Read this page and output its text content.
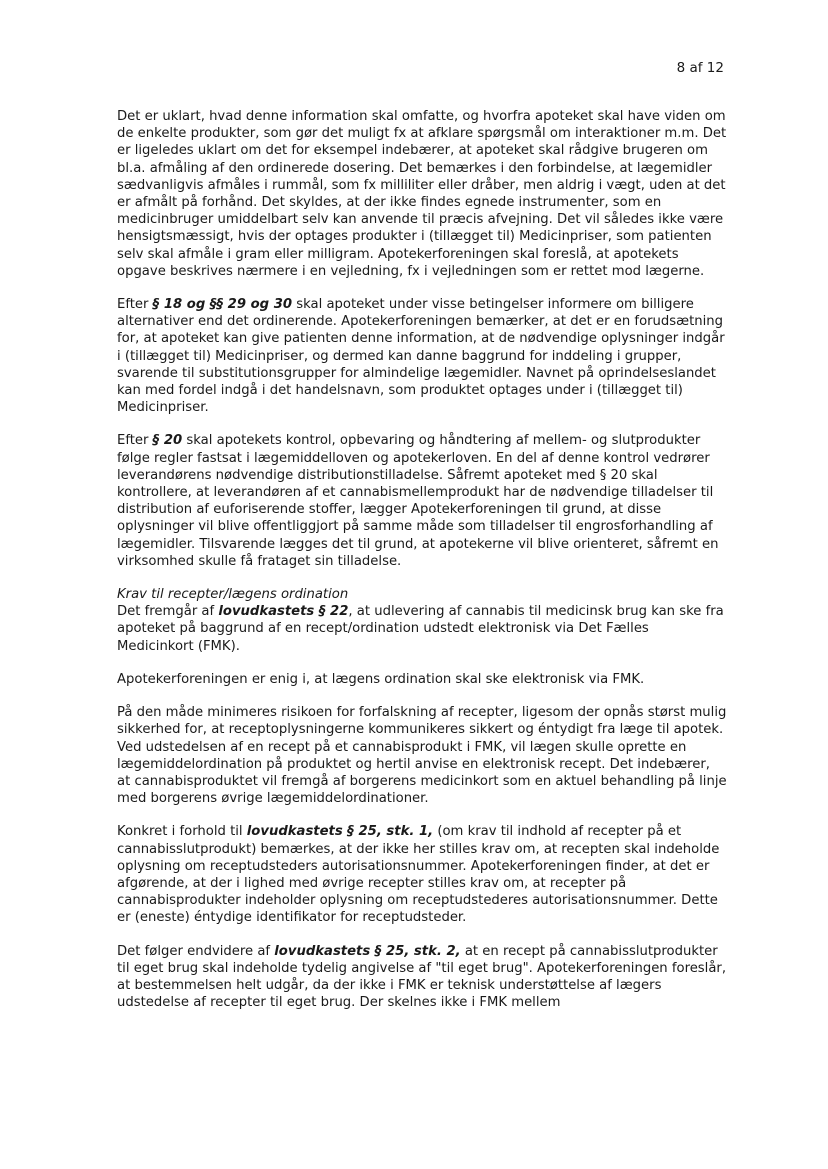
8 af 12

Det er uklart, hvad denne information skal omfatte, og hvorfra apoteket skal have viden om de enkelte produkter, som gør det muligt fx at afklare spørgsmål om interaktioner m.m. Det er ligeledes uklart om det for eksempel indebærer, at apoteket skal rådgive brugeren om bl.a. afmåling af den ordinerede dosering. Det bemærkes i den forbindelse, at lægemidler sædvanligvis afmåles i rummål, som fx milliliter eller dråber, men aldrig i vægt, uden at det er afmålt på forhånd. Det skyldes, at der ikke findes egnede instrumenter, som en medicinbruger umiddelbart selv kan anvende til præcis afvejning. Det vil således ikke være hensigtsmæssigt, hvis der optages produkter i (tillægget til) Medicinpriser, som patienten selv skal afmåle i gram eller milligram. Apotekerforeningen skal foreslå, at apotekets opgave beskrives nærmere i en vejledning, fx i vejledningen som er rettet mod lægerne.

Efter § 18 og §§ 29 og 30 skal apoteket under visse betingelser informere om billigere alternativer end det ordinerende. Apotekerforeningen bemærker, at det er en forudsætning for, at apoteket kan give patienten denne information, at de nødvendige oplysninger indgår i (tillægget til) Medicinpriser, og dermed kan danne baggrund for inddeling i grupper, svarende til substitutionsgrupper for almindelige lægemidler. Navnet på oprindelseslandet kan med fordel indgå i det handelsnavn, som produktet optages under i (tillægget til) Medicinpriser.

Efter § 20 skal apotekets kontrol, opbevaring og håndtering af mellem- og slutprodukter følge regler fastsat i lægemiddelloven og apotekerloven. En del af denne kontrol vedrører leverandørens nødvendige distributionstilladelse. Såfremt apoteket med § 20 skal kontrollere, at leverandøren af et cannabismellemprodukt har de nødvendige tilladelser til distribution af euforiserende stoffer, lægger Apotekerforeningen til grund, at disse oplysninger vil blive offentliggjort på samme måde som tilladelser til engrosforhandling af lægemidler. Tilsvarende lægges det til grund, at apotekerne vil blive orienteret, såfremt en virksomhed skulle få frataget sin tilladelse.

Krav til recepter/lægens ordination

Det fremgår af lovudkastets § 22, at udlevering af cannabis til medicinsk brug kan ske fra apoteket på baggrund af en recept/ordination udstedt elektronisk via Det Fælles Medicinkort (FMK).

Apotekerforeningen er enig i, at lægens ordination skal ske elektronisk via FMK.

På den måde minimeres risikoen for forfalskning af recepter, ligesom der opnås størst mulig sikkerhed for, at receptoplysningerne kommunikeres sikkert og éntydigt fra læge til apotek. Ved udstedelsen af en recept på et cannabisprodukt i FMK, vil lægen skulle oprette en lægemiddelordination på produktet og hertil anvise en elektronisk recept. Det indebærer, at cannabisproduktet vil fremgå af borgerens medicinkort som en aktuel behandling på linje med borgerens øvrige lægemiddelordinationer.

Konkret i forhold til lovudkastets § 25, stk. 1, (om krav til indhold af recepter på et cannabisslutprodukt) bemærkes, at der ikke her stilles krav om, at recepten skal indeholde oplysning om receptudsteders autorisationsnummer. Apotekerforeningen finder, at det er afgørende, at der i lighed med øvrige recepter stilles krav om, at recepter på cannabisprodukter indeholder oplysning om receptudstederes autorisationsnummer. Dette er (eneste) éntydige identifikator for receptudsteder.

Det følger endvidere af lovudkastets § 25, stk. 2, at en recept på cannabisslutprodukter til eget brug skal indeholde tydelig angivelse af "til eget brug". Apotekerforeningen foreslår, at bestemmelsen helt udgår, da der ikke i FMK er teknisk understøttelse af lægers udstedelse af recepter til eget brug. Der skelnes ikke i FMK mellem
